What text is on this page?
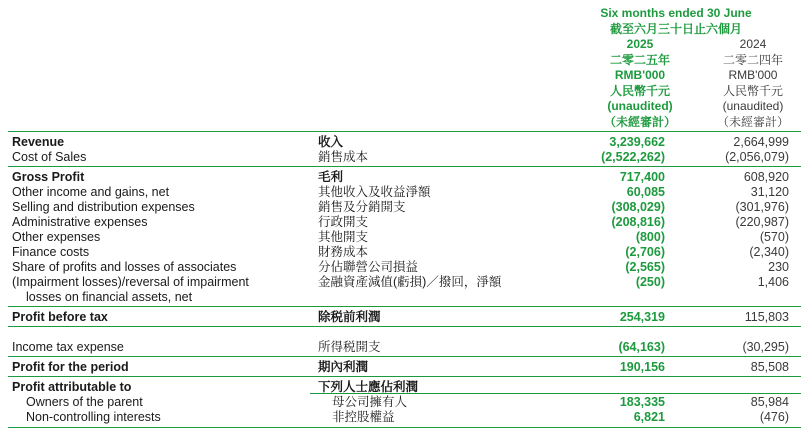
Six months ended 30 June
截至六月三十日止六個月
2025
二零二五年
RMB'000
人民幣千元
(unaudited)
（未經審計）
2024
二零二四年
RMB'000
人民幣千元
(unaudited)
（未經審計）
Revenue	收入	3,239,662	2,664,999
Cost of Sales	銷售成本	(2,522,262)	(2,056,079)
Gross Profit	毛利	717,400	608,920
Other income and gains, net	其他收入及收益淨額	60,085	31,120
Selling and distribution expenses	銷售及分銷開支	(308,029)	(301,976)
Administrative expenses	行政開支	(208,816)	(220,987)
Other expenses	其他開支	(800)	(570)
Finance costs	財務成本	(2,706)	(2,340)
Share of profits and losses of associates	分佔聯營公司損益	(2,565)	230
(Impairment losses)/reversal of impairment	金融資產減值(虧損)／撥回，淨額	(250)	1,406
losses on financial assets, net
Profit before tax	除税前利潤	254,319	115,803
Income tax expense	所得税開支	(64,163)	(30,295)
Profit for the period	期內利潤	190,156	85,508
Profit attributable to	下列人士應佔利潤
Owners of the parent	母公司擁有人	183,335	85,984
Non-controlling interests	非控股權益	6,821	(476)
